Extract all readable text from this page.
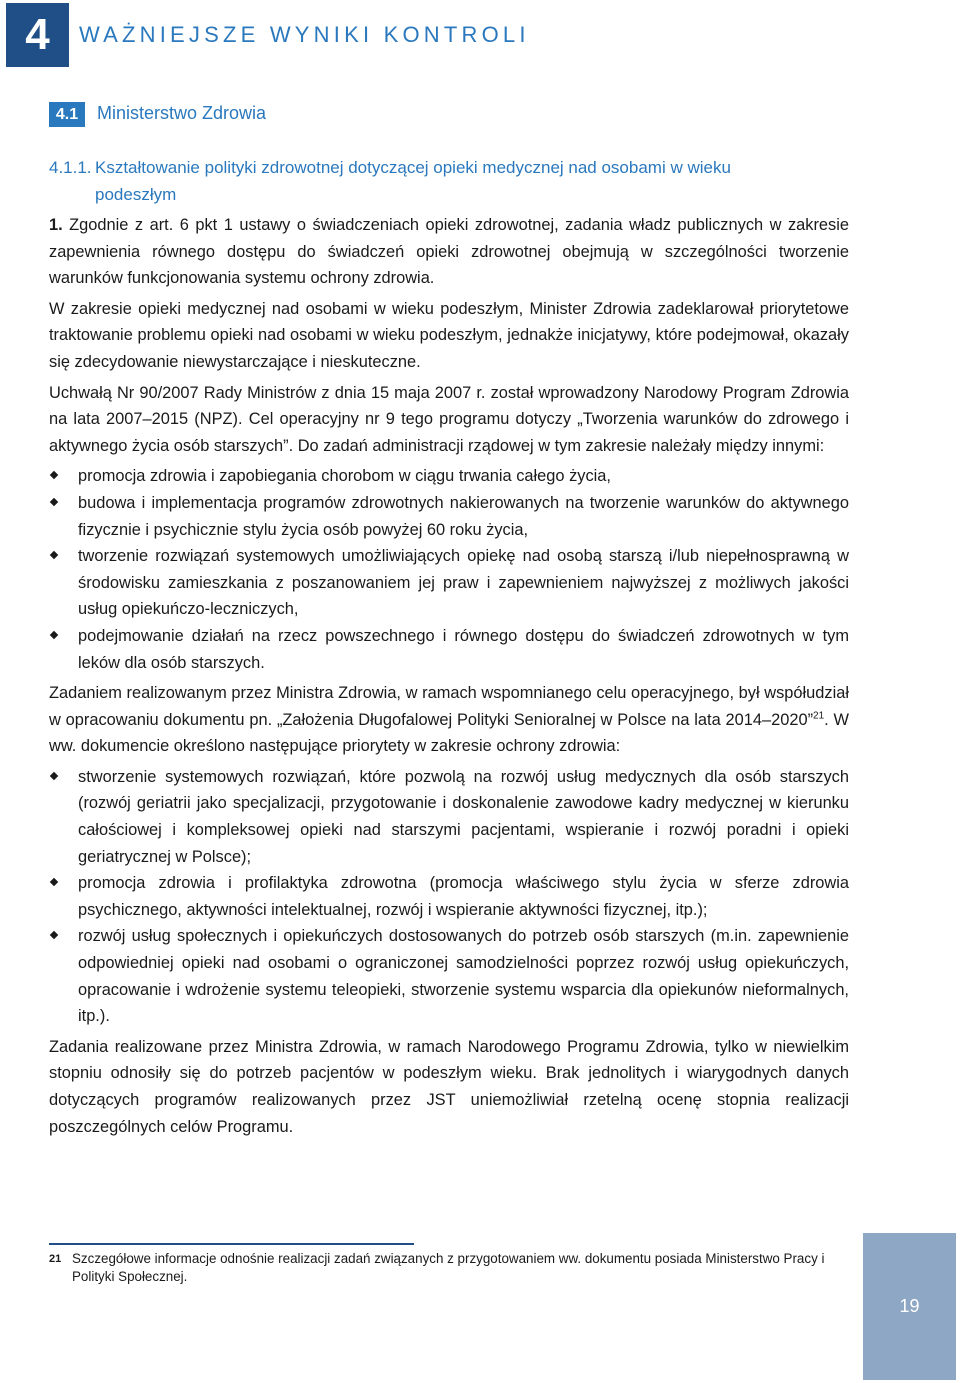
4 WAŻNIEJSZE WYNIKI KONTROLI
4.1	Ministerstwo Zdrowia
4.1.1. Kształtowanie polityki zdrowotnej dotyczącej opieki medycznej nad osobami w wieku
podeszłym

1. Zgodnie z art. 6 pkt 1 ustawy o świadczeniach opieki zdrowotnej, zadania władz publicznych w zakresie zapewnienia równego dostępu do świadczeń opieki zdrowotnej obejmują w szczególności tworzenie warunków funkcjonowania systemu ochrony zdrowia.

W zakresie opieki medycznej nad osobami w wieku podeszłym, Minister Zdrowia zadeklarował priorytetowe traktowanie problemu opieki nad osobami w wieku podeszłym, jednakże inicjatywy, które podejmował, okazały się zdecydowanie niewystarczające i nieskuteczne.

Uchwałą Nr 90/2007 Rady Ministrów z dnia 15 maja 2007 r. został wprowadzony Narodowy Program Zdrowia na lata 2007–2015 (NPZ). Cel operacyjny nr 9 tego programu dotyczy „Tworzenia warunków do zdrowego i aktywnego życia osób starszych”. Do zadań administracji rządowej w tym zakresie należały między innymi:

promocja zdrowia i zapobiegania chorobom w ciągu trwania całego życia,
budowa i implementacja programów zdrowotnych nakierowanych na tworzenie warunków do aktywnego fizycznie i psychicznie stylu życia osób powyżej 60 roku życia,
tworzenie rozwiązań systemowych umożliwiających opiekę nad osobą starszą i/lub niepełnosprawną w środowisku zamieszkania z poszanowaniem jej praw i zapewnieniem najwyższej z możliwych jakości usług opiekuńczo-leczniczych,
podejmowanie działań na rzecz powszechnego i równego dostępu do świadczeń zdrowotnych w tym leków dla osób starszych.

Zadaniem realizowanym przez Ministra Zdrowia, w ramach wspomnianego celu operacyjnego, był współudział w opracowaniu dokumentu pn. „Założenia Długofalowej Polityki Senioralnej w Polsce na lata 2014–2020”$^{21}$. W ww. dokumencie określono następujące priorytety w zakresie ochrony zdrowia:

stworzenie systemowych rozwiązań, które pozwolą na rozwój usług medycznych dla osób starszych (rozwój geriatrii jako specjalizacji, przygotowanie i doskonalenie zawodowe kadry medycznej w kierunku całościowej i kompleksowej opieki nad starszymi pacjentami, wspieranie i rozwój poradni i opieki geriatrycznej w Polsce);
promocja zdrowia i profilaktyka zdrowotna (promocja właściwego stylu życia w sferze zdrowia psychicznego, aktywności intelektualnej, rozwój i wspieranie aktywności fizycznej, itp.);
rozwój usług społecznych i opiekuńczych dostosowanych do potrzeb osób starszych (m.in. zapewnienie odpowiedniej opieki nad osobami o ograniczonej samodzielności poprzez rozwój usług opiekuńczych, opracowanie i wdrożenie systemu teleopieki, stworzenie systemu wsparcia dla opiekunów nieformalnych, itp.).

Zadania realizowane przez Ministra Zdrowia, w ramach Narodowego Programu Zdrowia, tylko w niewielkim stopniu odnosiły się do potrzeb pacjentów w podeszłym wieku. Brak jednolitych i wiarygodnych danych dotyczących programów realizowanych przez JST uniemożliwiał rzetelną ocenę stopnia realizacji poszczególnych celów Programu.

21 Szczegółowe informacje odnośnie realizacji zadań związanych z przygotowaniem ww. dokumentu posiada Ministerstwo Pracy i Polityki Społecznej.
19
